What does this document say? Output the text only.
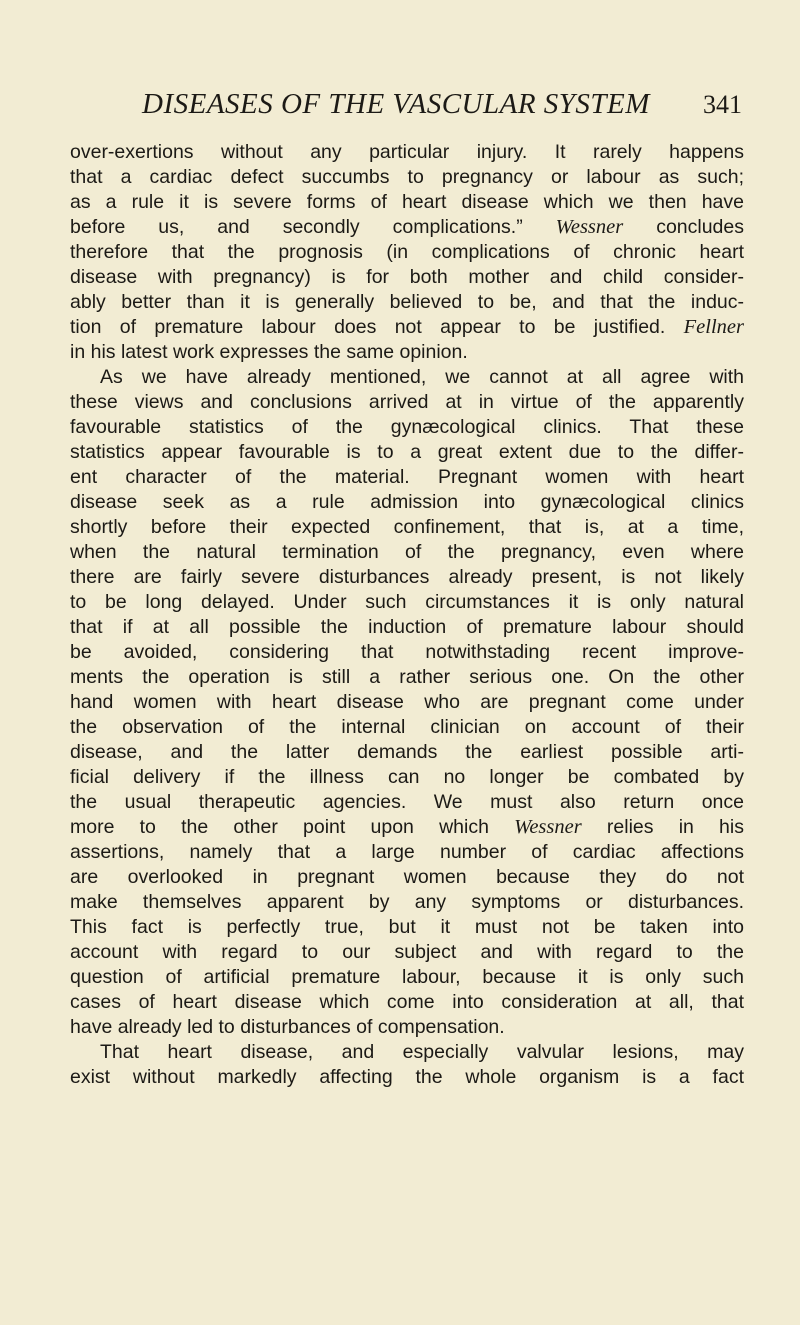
DISEASES OF THE VASCULAR SYSTEM 341
over-exertions without any particular injury. It rarely happens
that a cardiac defect succumbs to pregnancy or labour as such;
as a rule it is severe forms of heart disease which we then have
before us, and secondly complications.” Wessner concludes
therefore that the prognosis (in complications of chronic heart
disease with pregnancy) is for both mother and child consider-
ably better than it is generally believed to be, and that the induc-
tion of premature labour does not appear to be justified. Fellner
in his latest work expresses the same opinion.
As we have already mentioned, we cannot at all agree with
these views and conclusions arrived at in virtue of the apparently
favourable statistics of the gynæcological clinics. That these
statistics appear favourable is to a great extent due to the differ-
ent character of the material. Pregnant women with heart
disease seek as a rule admission into gynæcological clinics
shortly before their expected confinement, that is, at a time,
when the natural termination of the pregnancy, even where
there are fairly severe disturbances already present, is not likely
to be long delayed. Under such circumstances it is only natural
that if at all possible the induction of premature labour should
be avoided, considering that notwithstading recent improve-
ments the operation is still a rather serious one. On the other
hand women with heart disease who are pregnant come under
the observation of the internal clinician on account of their
disease, and the latter demands the earliest possible arti-
ficial delivery if the illness can no longer be combated by
the usual therapeutic agencies. We must also return once
more to the other point upon which Wessner relies in his
assertions, namely that a large number of cardiac affections
are overlooked in pregnant women because they do not
make themselves apparent by any symptoms or disturbances.
This fact is perfectly true, but it must not be taken into
account with regard to our subject and with regard to the
question of artificial premature labour, because it is only such
cases of heart disease which come into consideration at all, that
have already led to disturbances of compensation.
That heart disease, and especially valvular lesions, may
exist without markedly affecting the whole organism is a fact
